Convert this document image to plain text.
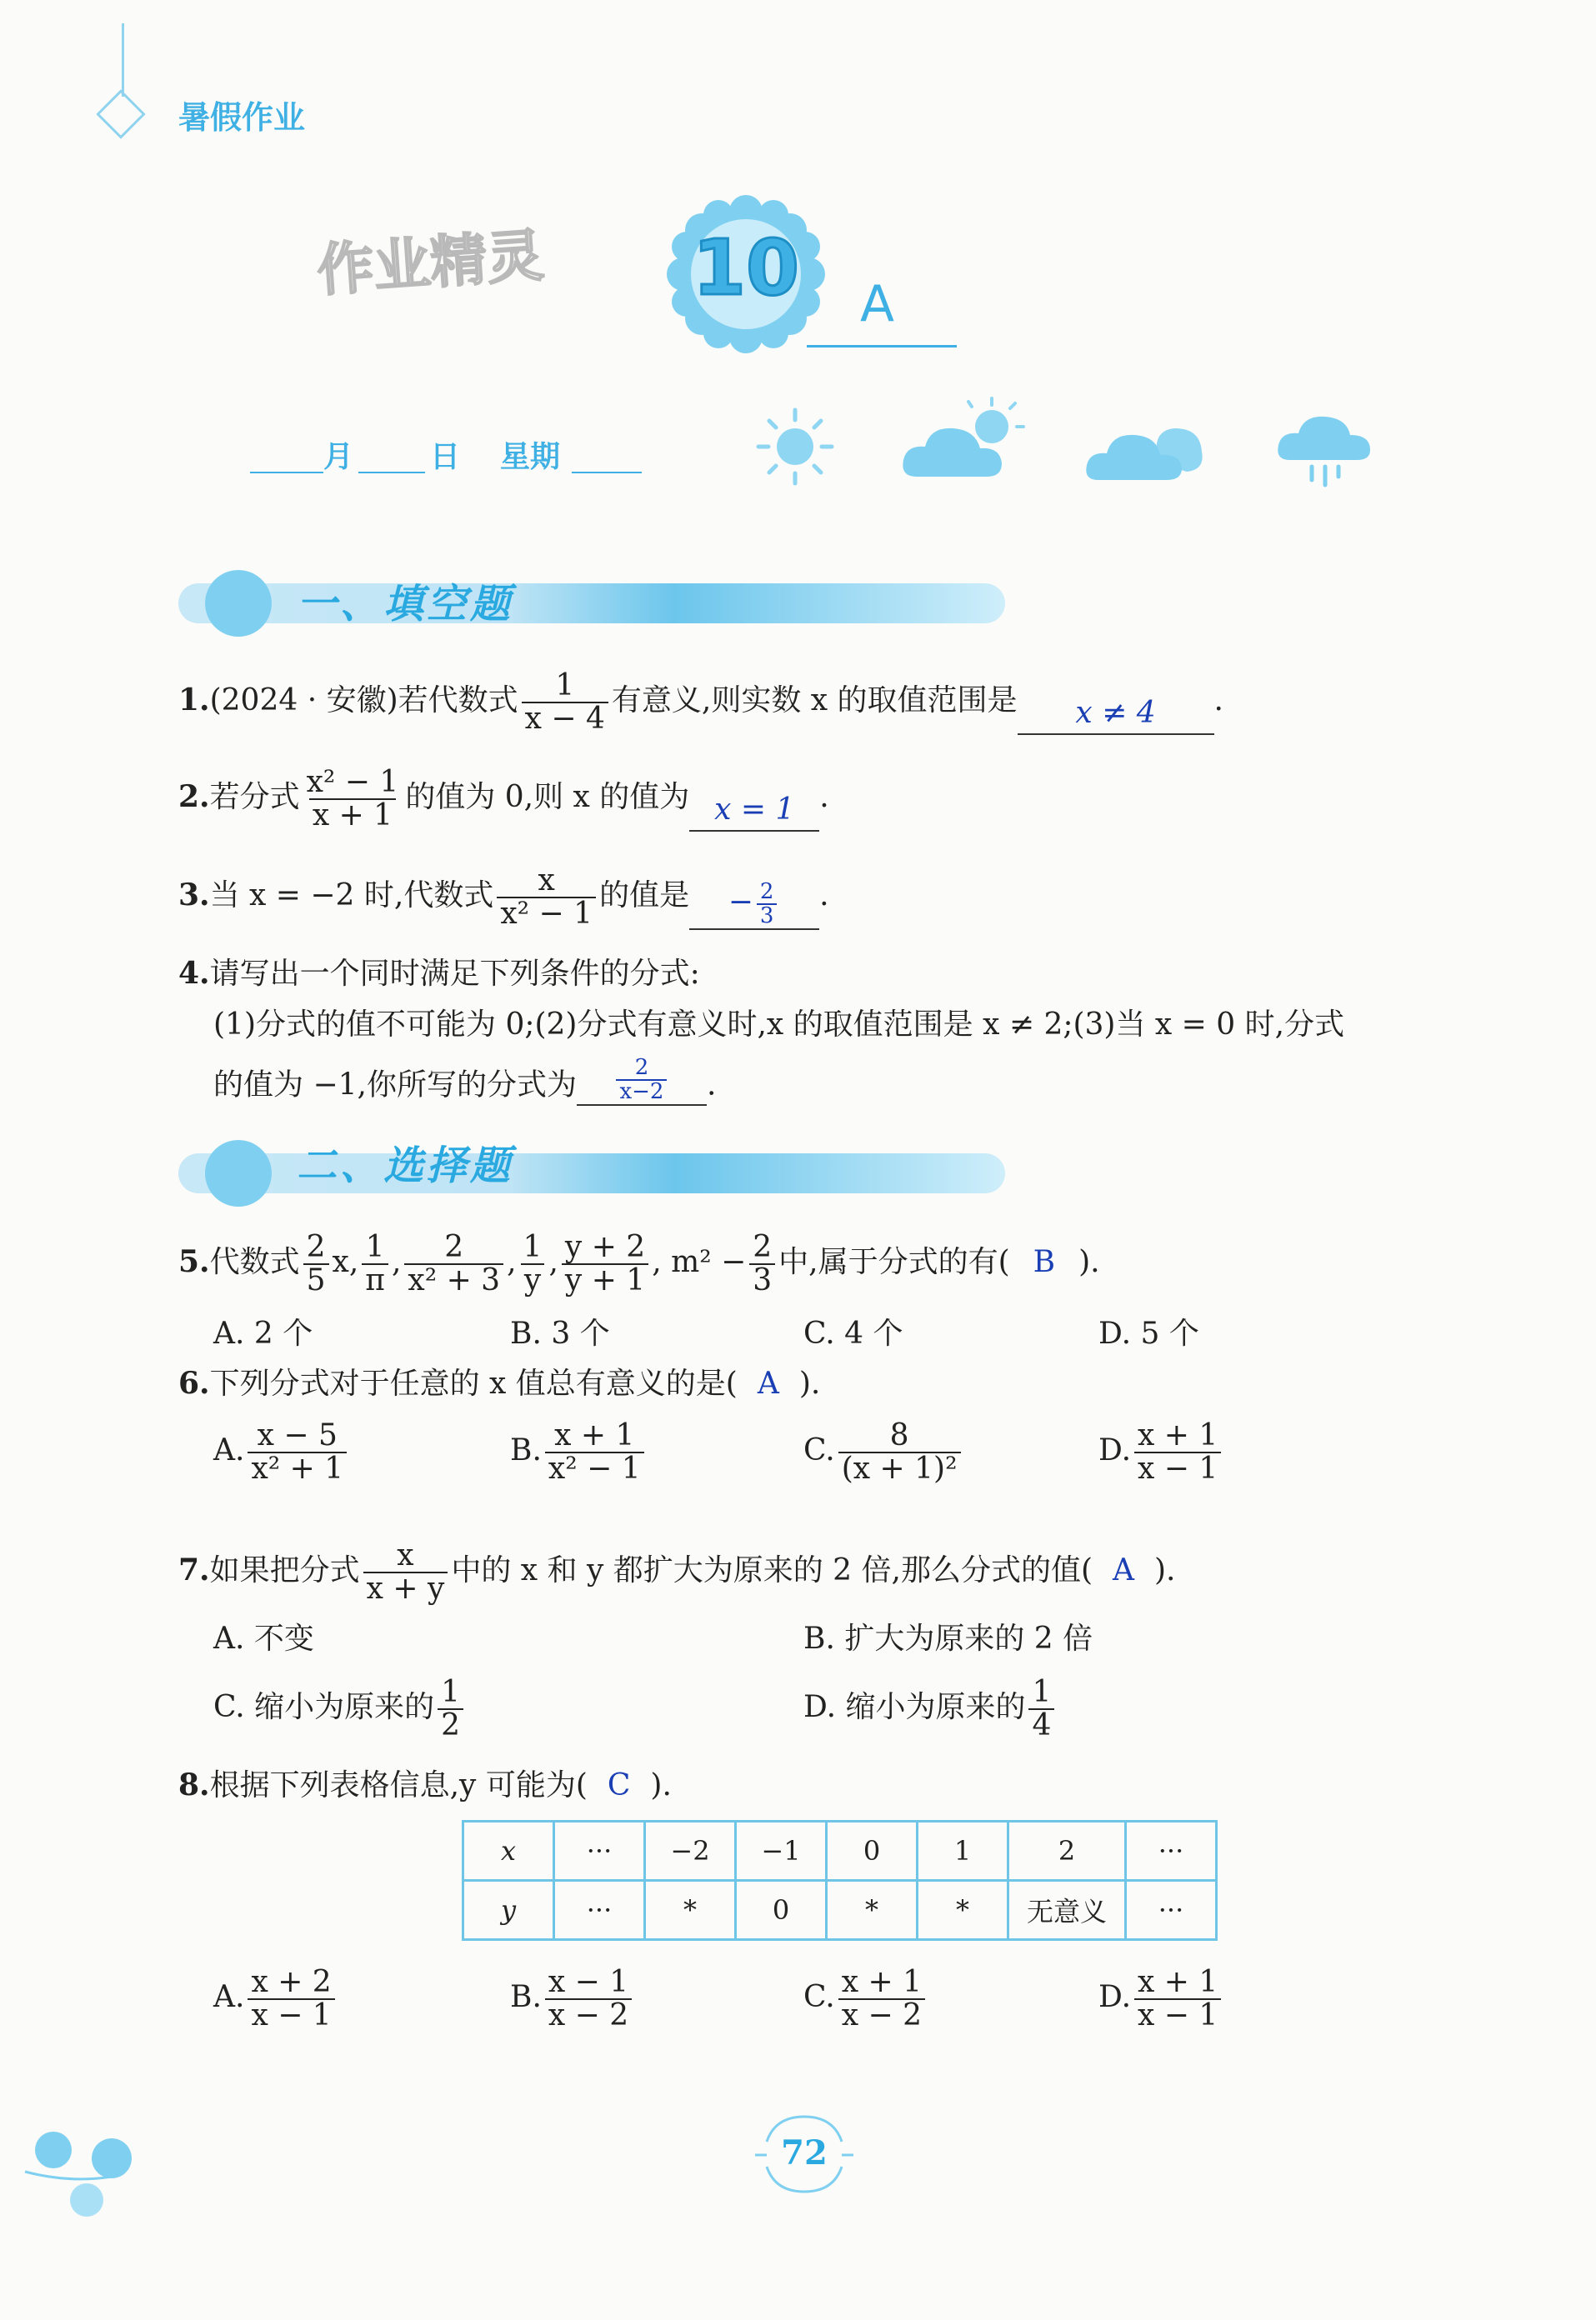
暑假作业
作业精灵 10 A
月	日 星期
一、填空题
1.(2024 · 安徽)若代数式 $\frac{1}{x - 4}$ 有意义,则实数 x 的取值范围是 x ≠ 4 .
2.若分式 $\frac{\text{x² − 1}}{x + 1}$ 的值为 0,则 x 的值为 x = 1 .
3.当 x = −2 时,代数式 $\frac{x}{\text{x² − 1}}$ 的值是 − $\frac{2}{3}$ .
4.请写出一个同时满足下列条件的分式:
(1)分式的值不可能为 0;(2)分式有意义时,x 的取值范围是 x ≠ 2;(3)当 x = 0 时,分式
的值为 −1,你所写的分式为 $\frac{2}{x-2}$ .
二、选择题
5.代数式 $\frac{2}{5} x$, $\frac{1}{\pi}$ , $\frac{2}{\text{x² + 3}}$ , $\frac{1}{y}$ , $\frac{y + 2}{y + 1}$ , $m^2 - \frac{2}{3}$ 中,属于分式的有( B ).
A. 2 个	B. 3 个	C. 4 个	D. 5 个
6.下列分式对于任意的 x 值总有意义的是( A ).
A. $\frac{x - 5}{\text{x² + 1}}$	B. $\frac{x + 1}{\text{x² − 1}}$	C. $\frac{8}{\text{(x + 1)²}}$	D. $\frac{x + 1}{x - 1}$
7.如果把分式 $\frac{x}{x + y}$ 中的 x 和 y 都扩大为原来的 2 倍,那么分式的值( A ).
A. 不变	B. 扩大为原来的 2 倍
C. 缩小为原来的 $\frac{1}{2}$	D. 缩小为原来的 $\frac{1}{4}$
8.根据下列表格信息,y 可能为( C ).
x	···	−2	−1	0	1	2	···
y	···	*	0	*	*	无意义	···
A. $\frac{x + 2}{x - 1}$	B. $\frac{x - 1}{x - 2}$	C. $\frac{x + 1}{x - 2}$	D. $\frac{x + 1}{x - 1}$
72
